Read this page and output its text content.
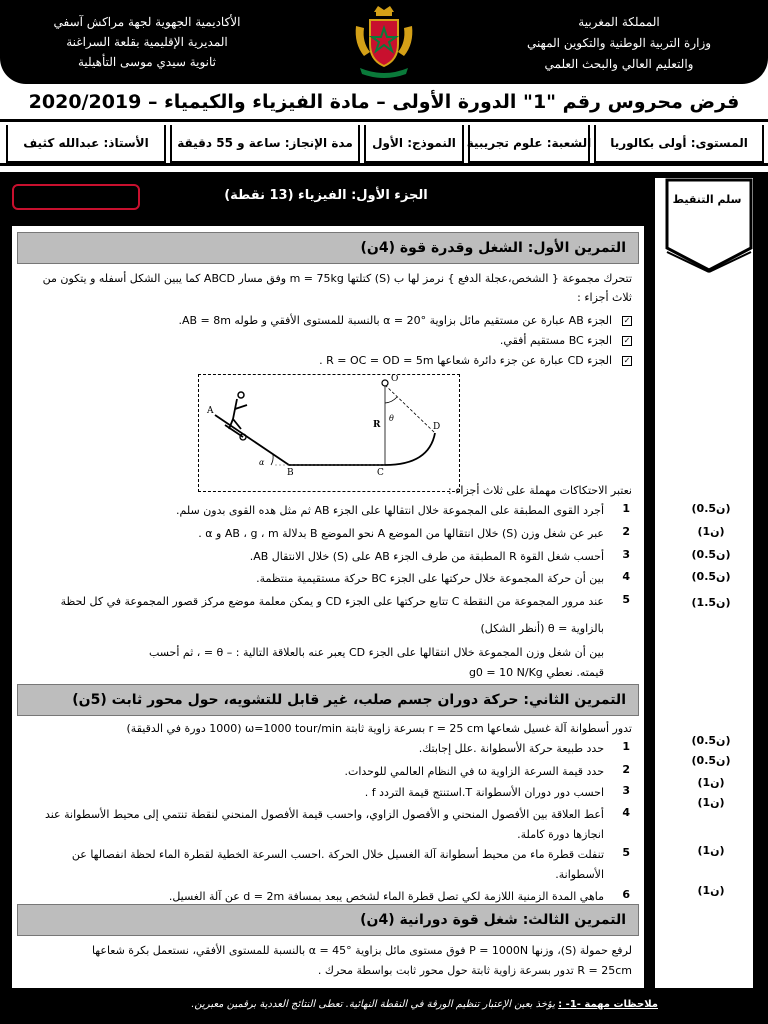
المملكة المغربية
وزارة التربية الوطنية والتكوين المهني
والتعليم العالي والبحث العلمي
الأكاديمية الجهوية لجهة مراكش آسفي
المديرية الإقليمية بقلعة السراغنة
ثانوية سيدي موسى التأهيلية
فرض محروس رقم "1" الدورة الأولى – مادة الفيزياء والكيمياء – 2020/2019
المستوى: أولى بكالوريا
الشعبة: علوم تجريبية
النموذج: الأول
مدة الإنجاز: ساعة و 55 دقيقة
الأستاذ: عبدالله كثيف
سلم التنقيط
الجزء الأول: الفيزياء (13 نقطة)
التمرين الأول: الشغل وقدرة قوة (4ن)
تتحرك مجموعة { الشخص،عجلة الدفع } نرمز لها ب (S) كتلتها m = 75kg وفق مسار ABCD كما يبين الشكل أسفله و يتكون من
ثلاث أجزاء :
✓الجزء AB عبارة عن مستقيم مائل بزاوية α = 20° بالنسبة للمستوى الأفقي و طوله AB = 8m.
✓الجزء BC مستقيم أفقي.
✓الجزء CD عبارة عن جزء دائرة شعاعها R = OC = OD = 5m .
A
B	C
D
O
R
θ
α
نعتبر الاحتكاكات مهملة على ثلاث أجزاء :
أجرد القوى المطبقة على المجموعة خلال انتقالها على الجزء AB ثم مثل هده القوى بدون سلم. 1
عبر عن شغل وزن (S) خلال انتقالها من الموضع A نحو الموضع B بدلالة AB ، g ، m و α . 2
أحسب شغل القوة R المطبقة من طرف الجزء AB على (S) خلال الانتقال AB. 3
بين أن حركة المجموعة خلال حركتها على الجزء BC حركة مستقيمية منتظمة. 4
عند مرور المجموعة من النقطة C تتابع حركتها على الجزء CD و يمكن معلمة موضع مركز قصور المجموعة في كل لحظة 5
بالزاوية = θ (أنظر الشكل)
بين أن شغل وزن المجموعة خلال انتقالها على الجزء CD يعبر عنه بالعلاقة التالية : – θ = ، ثم أحسب
قيمته. نعطي g0 = 10 N/Kg
التمرين الثاني: حركة دوران جسم صلب، غير قابل للتشويه، حول محور ثابت (5ن)
تدور أسطوانة آلة غسيل شعاعها r = 25 cm بسرعة زاوية ثابتة ω=1000 tour/min (1000 دورة في الدقيقة)
حدد طبيعة حركة الأسطوانة .علل إجابتك. 1
حدد قيمة السرعة الزاوية ω في النظام العالمي للوحدات. 2
احسب دور دوران الأسطوانة T.استنتج قيمة التردد f . 3
أعط العلاقة بين الأفصول المنحني و الأفصول الزاوي، واحسب قيمة الأفصول المنحني لنقطة تنتمي إلى محيط الأسطوانة عند 4
انجازها دورة كاملة.
تنفلت قطرة ماء من محيط أسطوانة آلة الغسيل خلال الحركة .احسب السرعة الخطية لقطرة الماء لحظة انفصالها عن 5
الأسطوانة.
ماهي المدة الزمنية اللازمة لكي تصل قطرة الماء لشخص يبعد بمسافة d = 2m عن آلة الغسيل. 6
التمرين الثالث: شغل قوة دورانية (4ن)
لرفع حمولة (S)، وزنها P = 1000N فوق مستوى مائل بزاوية α = 45° بالنسبة للمستوى الأفقي، نستعمل بكرة شعاعها
R = 25cm تدور بسرعة زاوية ثابتة حول محور ثابت بواسطة محرك .
(0.5ن)
(1ن)
(0.5ن)
(0.5ن)
(1.5ن)
(0.5ن)
(0.5ن)
(1ن)
(1ن)
(1ن)
(1ن)
ملاحظات مهمة -1- : يؤخذ بعين الإعتبار تنظيم الورقة في النقطة النهائية. تعطى النتائج العددية برقمين معبرين.
